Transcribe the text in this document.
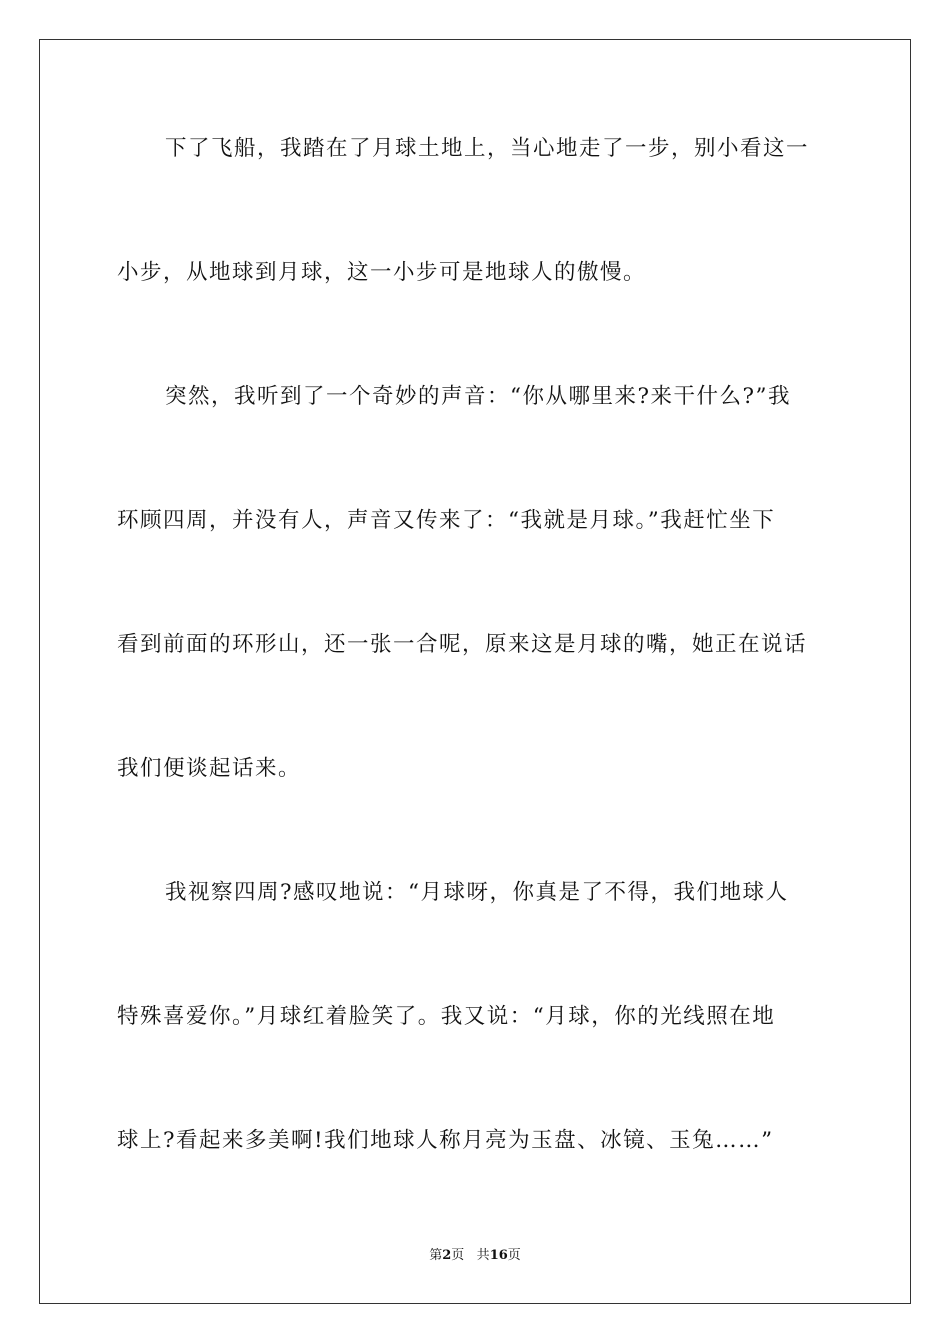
下了飞船，我踏在了月球土地上，当心地走了一步，别小看这一
小步，从地球到月球，这一小步可是地球人的傲慢。
突然，我听到了一个奇妙的声音：“你从哪里来?来干什么?”我
环顾四周，并没有人，声音又传来了：“我就是月球。”我赶忙坐下
看到前面的环形山，还一张一合呢，原来这是月球的嘴，她正在说话
我们便谈起话来。
我视察四周?感叹地说：“月球呀，你真是了不得，我们地球人
特殊喜爱你。”月球红着脸笑了。我又说：“月球，你的光线照在地
球上?看起来多美啊!我们地球人称月亮为玉盘、冰镜、玉兔……”
第2页 共16页
